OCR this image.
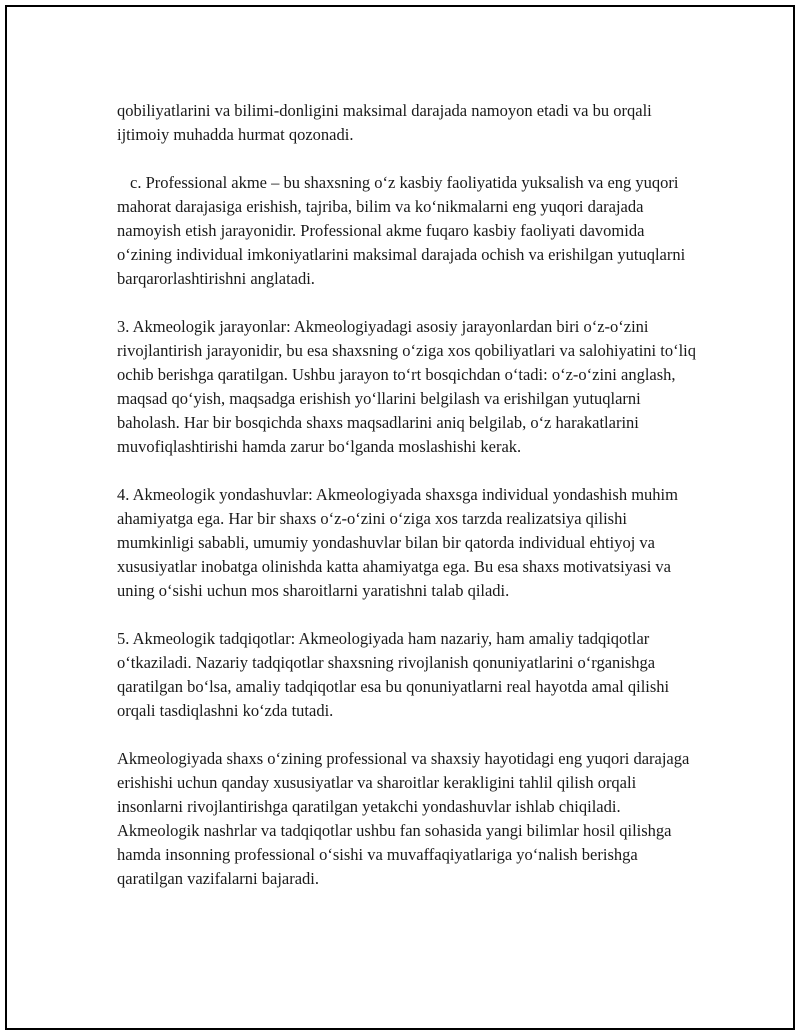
qobiliyatlarini va bilimi-donligini maksimal darajada namoyon etadi va bu orqali ijtimoiy muhadda hurmat qozonadi.

c. Professional akme – bu shaxsning o‘z kasbiy faoliyatida yuksalish va eng yuqori mahorat darajasiga erishish, tajriba, bilim va ko‘nikmalarni eng yuqori darajada namoyish etish jarayonidir. Professional akme fuqaro kasbiy faoliyati davomida o‘zining individual imkoniyatlarini maksimal darajada ochish va erishilgan yutuqlarni barqarorlashtirishni anglatadi.

3. Akmeologik jarayonlar: Akmeologiyadagi asosiy jarayonlardan biri o‘z-o‘zini rivojlantirish jarayonidir, bu esa shaxsning o‘ziga xos qobiliyatlari va salohiyatini to‘liq ochib berishga qaratilgan. Ushbu jarayon to‘rt bosqichdan o‘tadi: o‘z-o‘zini anglash, maqsad qo‘yish, maqsadga erishish yo‘llarini belgilash va erishilgan yutuqlarni baholash. Har bir bosqichda shaxs maqsadlarini aniq belgilab, o‘z harakatlarini muvofiqlashtirishi hamda zarur bo‘lganda moslashishi kerak.

4. Akmeologik yondashuvlar: Akmeologiyada shaxsga individual yondashish muhim ahamiyatga ega. Har bir shaxs o‘z-o‘zini o‘ziga xos tarzda realizatsiya qilishi mumkinligi sababli, umumiy yondashuvlar bilan bir qatorda individual ehtiyoj va xususiyatlar inobatga olinishda katta ahamiyatga ega. Bu esa shaxs motivatsiyasi va uning o‘sishi uchun mos sharoitlarni yaratishni talab qiladi.

5. Akmeologik tadqiqotlar: Akmeologiyada ham nazariy, ham amaliy tadqiqotlar o‘tkaziladi. Nazariy tadqiqotlar shaxsning rivojlanish qonuniyatlarini o‘rganishga qaratilgan bo‘lsa, amaliy tadqiqotlar esa bu qonuniyatlarni real hayotda amal qilishi orqali tasdiqlashni ko‘zda tutadi.

Akmeologiyada shaxs o‘zining professional va shaxsiy hayotidagi eng yuqori darajaga erishishi uchun qanday xususiyatlar va sharoitlar kerakligini tahlil qilish orqali insonlarni rivojlantirishga qaratilgan yetakchi yondashuvlar ishlab chiqiladi. Akmeologik nashrlar va tadqiqotlar ushbu fan sohasida yangi bilimlar hosil qilishga hamda insonning professional o‘sishi va muvaffaqiyatlariga yo‘nalish berishga qaratilgan vazifalarni bajaradi.
